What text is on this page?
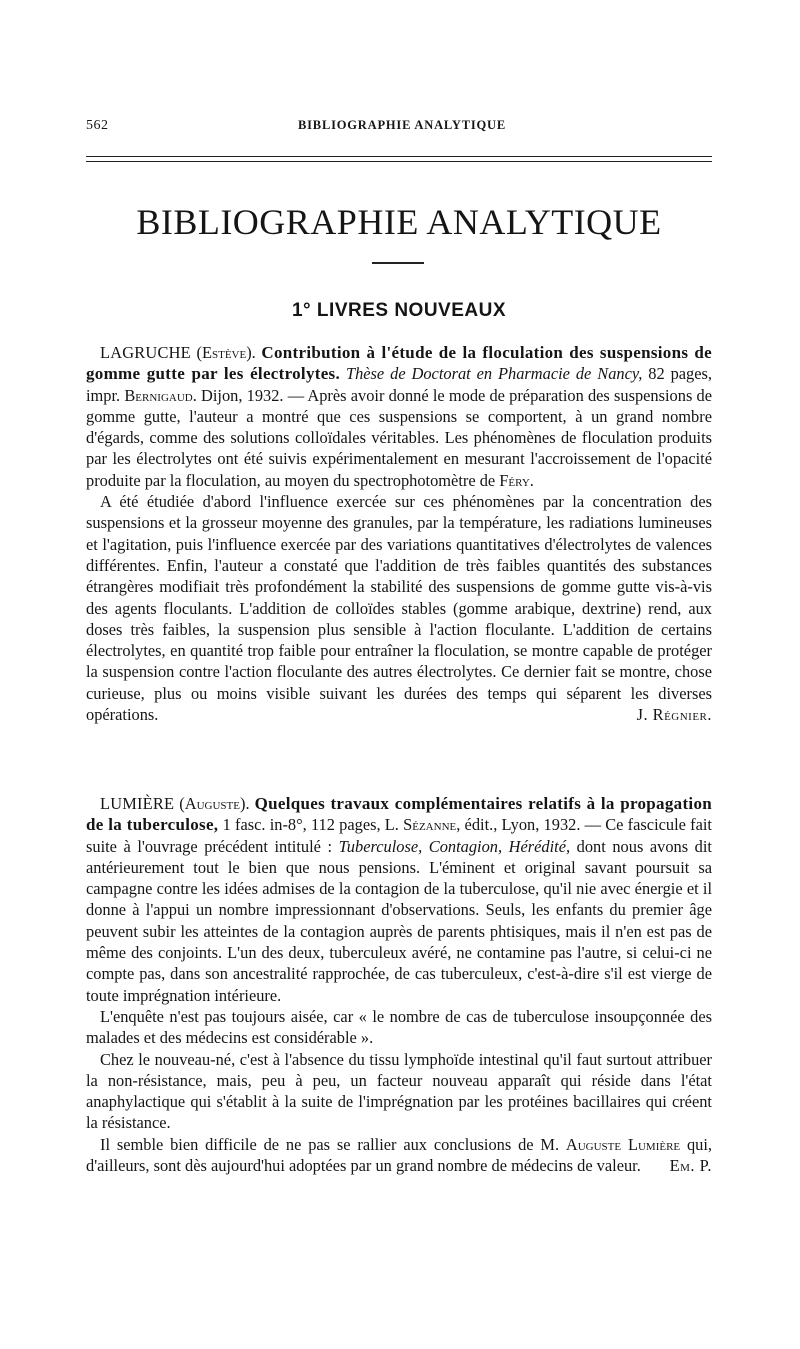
562	BIBLIOGRAPHIE ANALYTIQUE
BIBLIOGRAPHIE ANALYTIQUE
1° LIVRES NOUVEAUX

LAGRUCHE (Estève). Contribution à l'étude de la floculation des suspensions de gomme gutte par les électrolytes. Thèse de Doctorat en Pharmacie de Nancy, 82 pages, impr. Bernigaud. Dijon, 1932. — Après avoir donné le mode de préparation des suspensions de gomme gutte, l'auteur a montré que ces suspensions se comportent, à un grand nombre d'égards, comme des solutions colloïdales véritables. Les phénomènes de floculation produits par les électrolytes ont été suivis expérimentalement en mesurant l'accroissement de l'opacité produite par la floculation, au moyen du spectrophotomètre de Féry.

A été étudiée d'abord l'influence exercée sur ces phénomènes par la concentration des suspensions et la grosseur moyenne des granules, par la température, les radiations lumineuses et l'agitation, puis l'influence exercée par des variations quantitatives d'électrolytes de valences différentes. Enfin, l'auteur a constaté que l'addition de très faibles quantités des substances étrangères modifiait très profondément la stabilité des suspensions de gomme gutte vis-à-vis des agents floculants. L'addition de colloïdes stables (gomme arabique, dextrine) rend, aux doses très faibles, la suspension plus sensible à l'action floculante. L'addition de certains électrolytes, en quantité trop faible pour entraîner la floculation, se montre capable de protéger la suspension contre l'action floculante des autres électrolytes. Ce dernier fait se montre, chose curieuse, plus ou moins visible suivant les durées des temps qui séparent les diverses opérations.	J. Régnier.

LUMIÈRE (Auguste). Quelques travaux complémentaires relatifs à la propagation de la tuberculose, 1 fasc. in-8°, 112 pages, L. Sézanne, édit., Lyon, 1932. — Ce fascicule fait suite à l'ouvrage précédent intitulé : Tuberculose, Contagion, Hérédité, dont nous avons dit antérieurement tout le bien que nous pensions. L'éminent et original savant poursuit sa campagne contre les idées admises de la contagion de la tuberculose, qu'il nie avec énergie et il donne à l'appui un nombre impressionnant d'observations. Seuls, les enfants du premier âge peuvent subir les atteintes de la contagion auprès de parents phtisiques, mais il n'en est pas de même des conjoints. L'un des deux, tuberculeux avéré, ne contamine pas l'autre, si celui-ci ne compte pas, dans son ancestralité rapprochée, de cas tuberculeux, c'est-à-dire s'il est vierge de toute imprégnation intérieure.

L'enquête n'est pas toujours aisée, car « le nombre de cas de tuberculose insoupçonnée des malades et des médecins est considérable ».

Chez le nouveau-né, c'est à l'absence du tissu lymphoïde intestinal qu'il faut surtout attribuer la non-résistance, mais, peu à peu, un facteur nouveau apparaît qui réside dans l'état anaphylactique qui s'établit à la suite de l'imprégnation par les protéines bacillaires qui créent la résistance.

Il semble bien difficile de ne pas se rallier aux conclusions de M. Auguste Lumière qui, d'ailleurs, sont dès aujourd'hui adoptées par un grand nombre de médecins de valeur.	Em. P.
